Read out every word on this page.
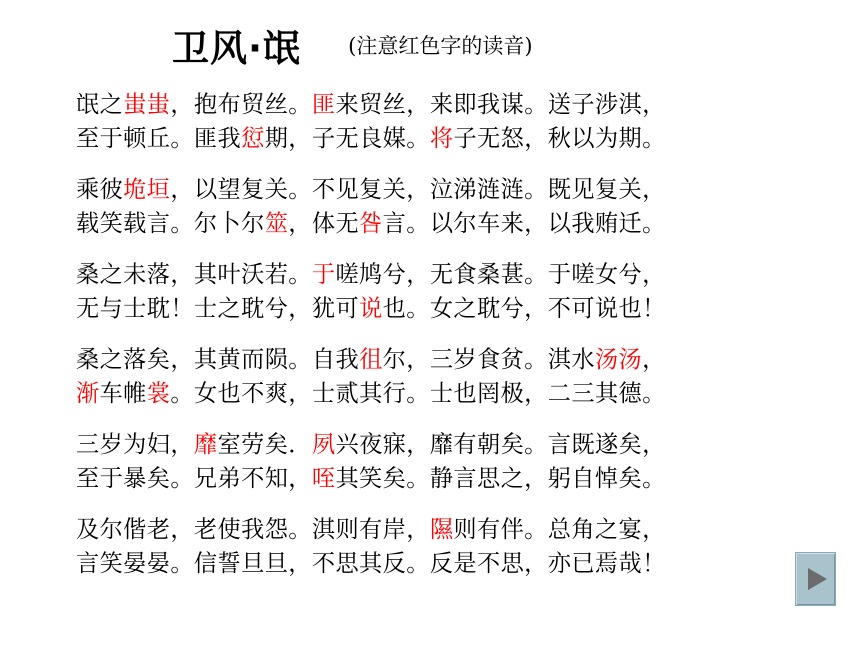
卫风·氓 (注意红色字的读音)
氓之蚩蚩，抱布贸丝。匪来贸丝，来即我谋。送子涉淇，
至于顿丘。匪我愆期，子无良媒。将子无怒，秋以为期。
乘彼垝垣，以望复关。不见复关，泣涕涟涟。既见复关，
载笑载言。尔卜尔筮，体无咎言。以尔车来，以我贿迁。
桑之未落，其叶沃若。于嗟鸠兮，无食桑葚。于嗟女兮，
无与士耽！士之耽兮，犹可说也。女之耽兮，不可说也！
桑之落矣，其黄而陨。自我徂尔，三岁食贫。淇水汤汤，
渐车帷裳。女也不爽，士贰其行。士也罔极，二三其德。
三岁为妇，靡室劳矣．夙兴夜寐，靡有朝矣。言既遂矣，
至于暴矣。兄弟不知，咥其笑矣。静言思之，躬自悼矣。
及尔偕老，老使我怨。淇则有岸，隰则有伴。总角之宴，
言笑晏晏。信誓旦旦，不思其反。反是不思，亦已焉哉！
